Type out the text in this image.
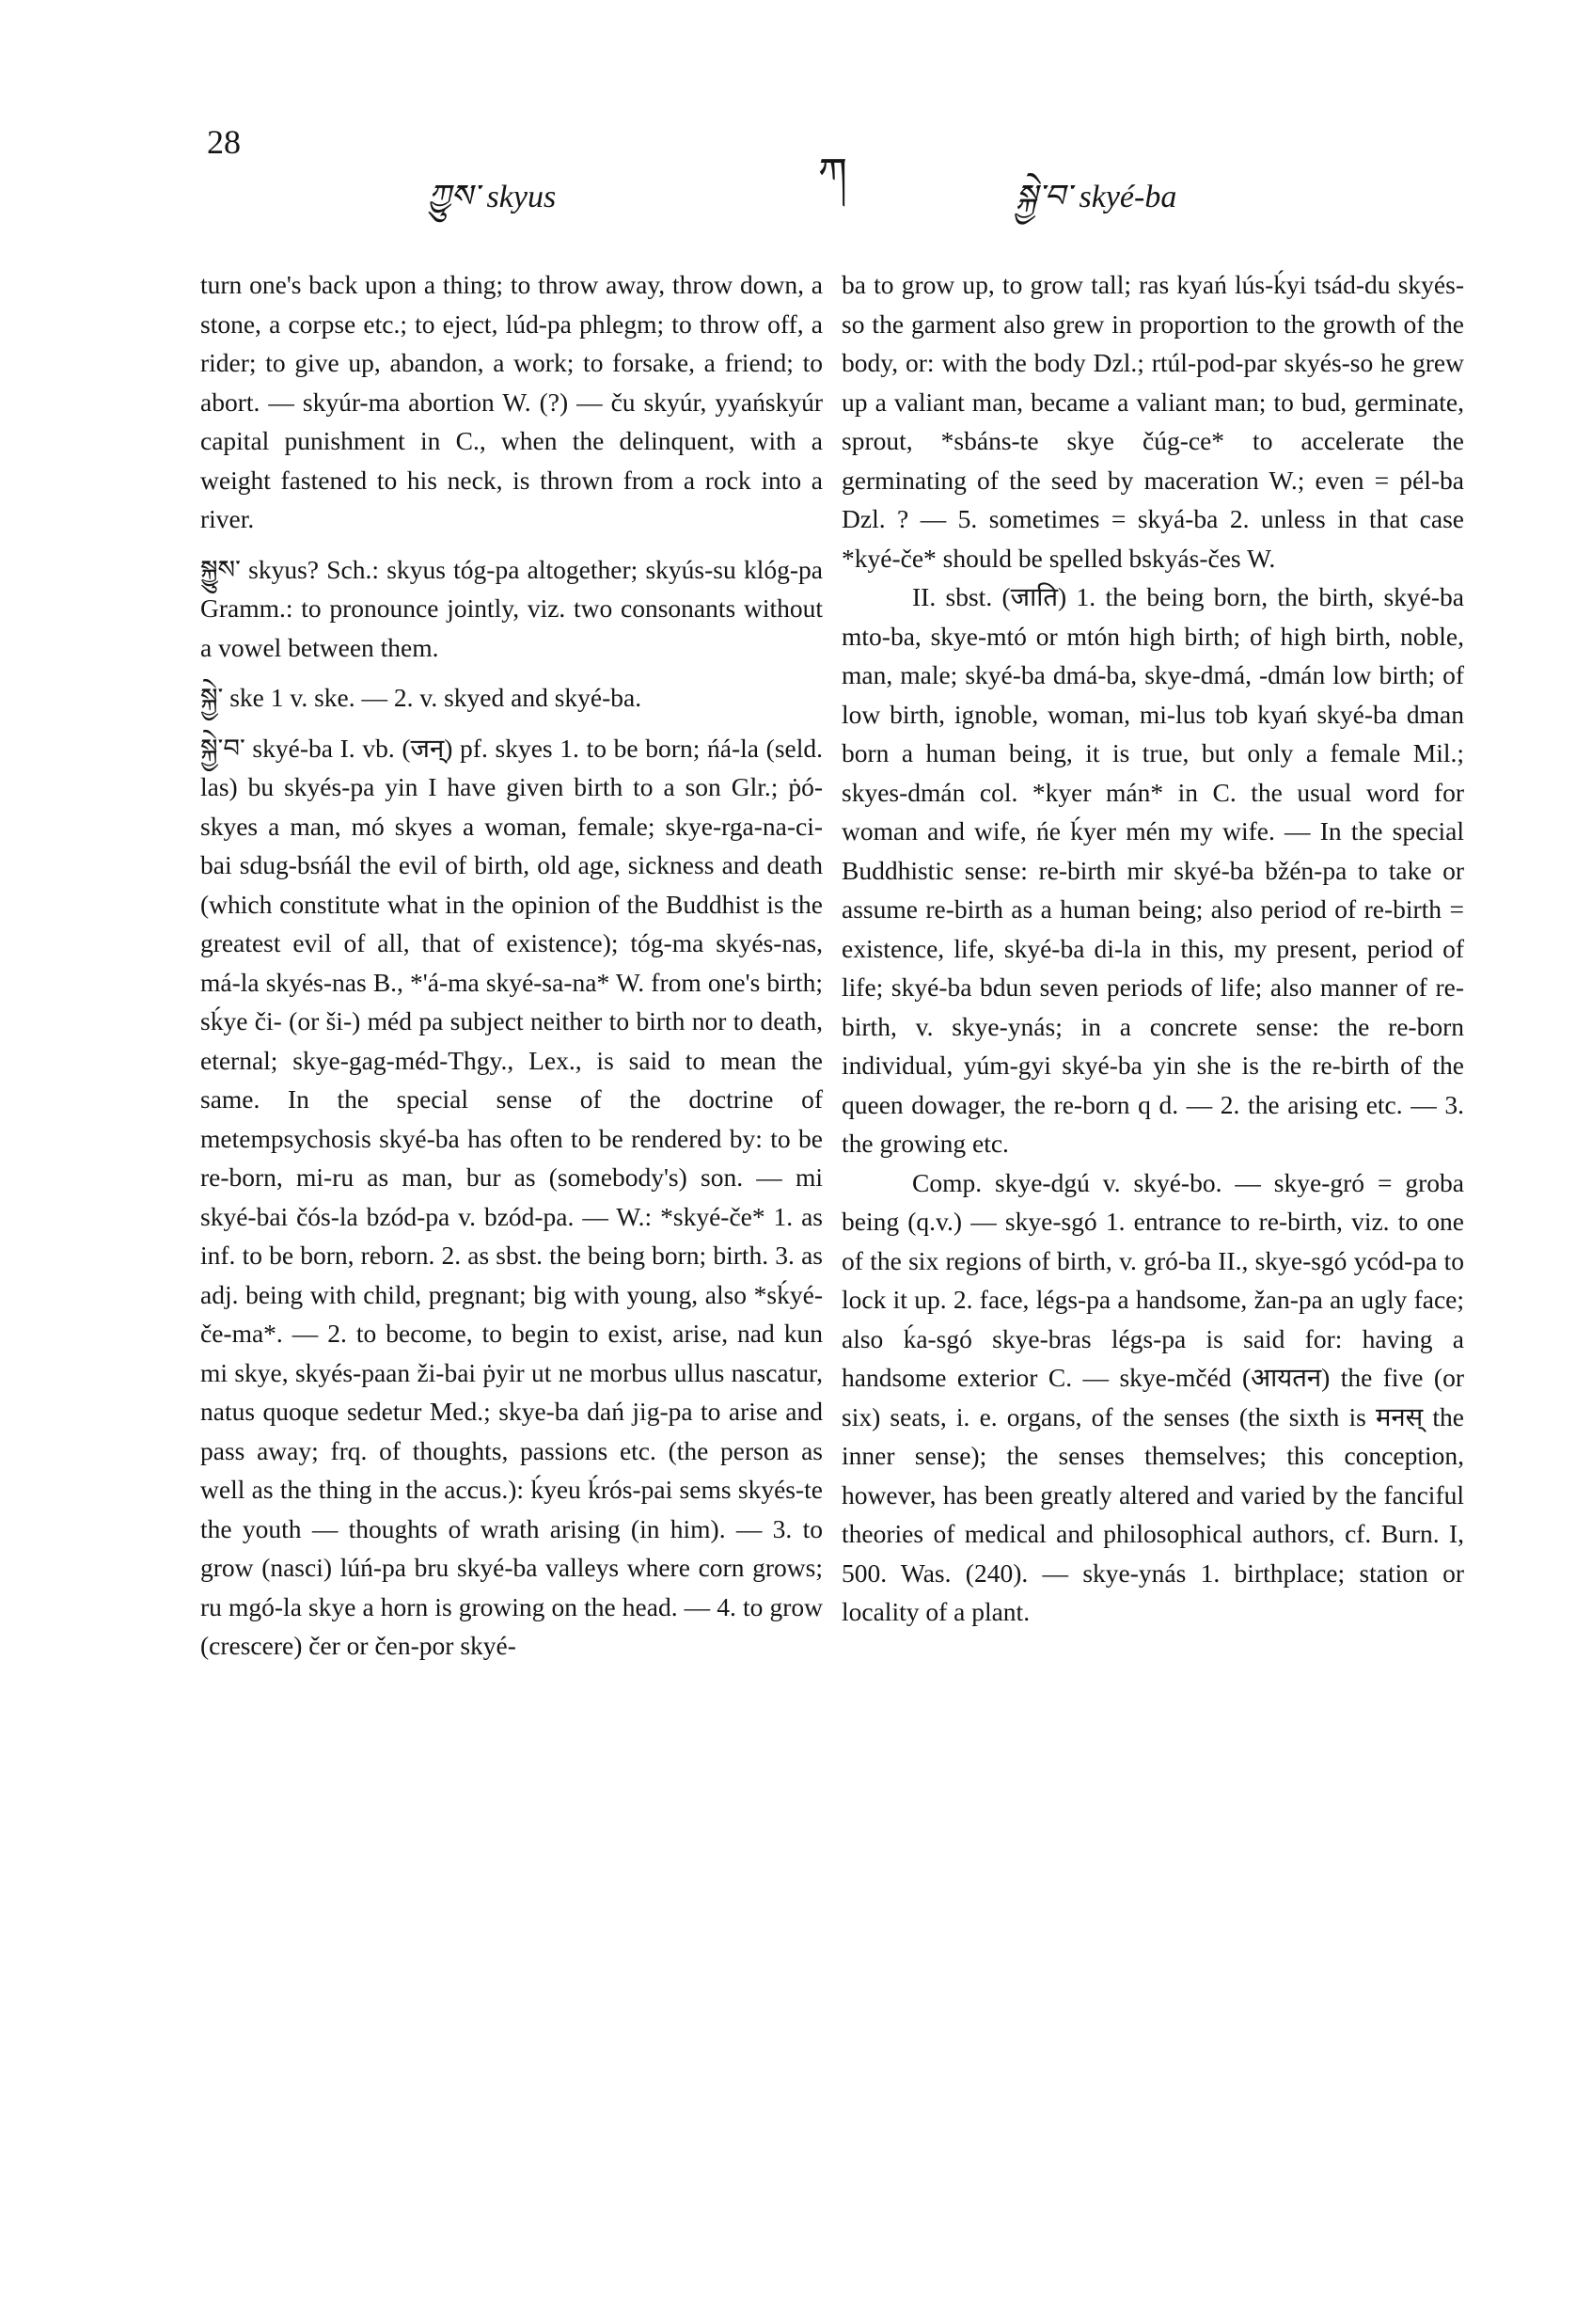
28
ཀྱུས་ skyus
ཀ
སྐྱེ་བ་ skyé-ba

turn one's back upon a thing; to throw away, throw down, a stone, a corpse etc.; to eject, lúd-pa phlegm; to throw off, a rider; to give up, abandon, a work; to forsake, a friend; to abort. — skyúr-ma abortion W. (?) — ču skyúr, yyańskyúr capital punishment in C., when the delinquent, with a weight fastened to his neck, is thrown from a rock into a river.

སྐྱུས་ skyus? Sch.: skyus tóg-pa altogether; skyús-su klóg-pa Gramm.: to pronounce jointly, viz. two consonants without a vowel between them.

སྐྱེ་ ske 1 v. ske. — 2. v. skyed and skyé-ba.

སྐྱེ་བ་ skyé-ba I. vb. (जन्) pf. skyes 1. to be born; ńá-la (seld. las) bu skyés-pa yin I have given birth to a son Glr.; ṗó-skyes a man, mó skyes a woman, female; skye-rga-na-ci-bai sdug-bsńál the evil of birth, old age, sickness and death (which constitute what in the opinion of the Buddhist is the greatest evil of all, that of existence); tóg-ma skyés-nas, má-la skyés-nas B., *'á-ma skyé-sa-na* W. from one's birth; sḱye či- (or ši-) méd pa subject neither to birth nor to death, eternal; skye-gag-méd-Thgy., Lex., is said to mean the same. In the special sense of the doctrine of metempsychosis skyé-ba has often to be rendered by: to be re-born, mi-ru as man, bur as (somebody's) son. — mi skyé-bai čós-la bzód-pa v. bzód-pa. — W.: *skyé-če* 1. as inf. to be born, reborn. 2. as sbst. the being born; birth. 3. as adj. being with child, pregnant; big with young, also *sḱyé-če-ma*. — 2. to become, to begin to exist, arise, nad kun mi skye, skyés-paan ži-bai ṗyir ut ne morbus ullus nascatur, natus quoque sedetur Med.; skye-ba dań jig-pa to arise and pass away; frq. of thoughts, passions etc. (the person as well as the thing in the accus.): ḱyeu ḱrós-pai sems skyés-te the youth — thoughts of wrath arising (in him). — 3. to grow (nasci) lúń-pa bru skyé-ba valleys where corn grows; ru mgó-la skye a horn is growing on the head. — 4. to grow (crescere) čer or čen-por skyé-

ba to grow up, to grow tall; ras kyań lús-ḱyi tsád-du skyés-so the garment also grew in proportion to the growth of the body, or: with the body Dzl.; rtúl-pod-par skyés-so he grew up a valiant man, became a valiant man; to bud, germinate, sprout, *sbáns-te skye čúg-ce* to accelerate the germinating of the seed by maceration W.; even = pél-ba Dzl. ? — 5. sometimes = skyá-ba 2. unless in that case *kyé-če* should be spelled bskyás-čes W.

II. sbst. (जाति) 1. the being born, the birth, skyé-ba mto-ba, skye-mtó or mtón high birth; of high birth, noble, man, male; skyé-ba dmá-ba, skye-dmá, -dmán low birth; of low birth, ignoble, woman, mi-lus tob kyań skyé-ba dman born a human being, it is true, but only a female Mil.; skyes-dmán col. *kyer mán* in C. the usual word for woman and wife, ńe ḱyer mén my wife. — In the special Buddhistic sense: re-birth mir skyé-ba bžén-pa to take or assume re-birth as a human being; also period of re-birth = existence, life, skyé-ba di-la in this, my present, period of life; skyé-ba bdun seven periods of life; also manner of re-birth, v. skye-ynás; in a concrete sense: the re-born individual, yúm-gyi skyé-ba yin she is the re-birth of the queen dowager, the re-born q d. — 2. the arising etc. — 3. the growing etc.

Comp. skye-dgú v. skyé-bo. — skye-gró = groba being (q.v.) — skye-sgó 1. entrance to re-birth, viz. to one of the six regions of birth, v. gró-ba II., skye-sgó ycód-pa to lock it up. 2. face, légs-pa a handsome, žan-pa an ugly face; also ḱa-sgó skye-bras légs-pa is said for: having a handsome exterior C. — skye-mčéd (आयतन) the five (or six) seats, i. e. organs, of the senses (the sixth is मनस् the inner sense); the senses themselves; this conception, however, has been greatly altered and varied by the fanciful theories of medical and philosophical authors, cf. Burn. I, 500. Was. (240). — skye-ynás 1. birthplace; station or locality of a plant.
